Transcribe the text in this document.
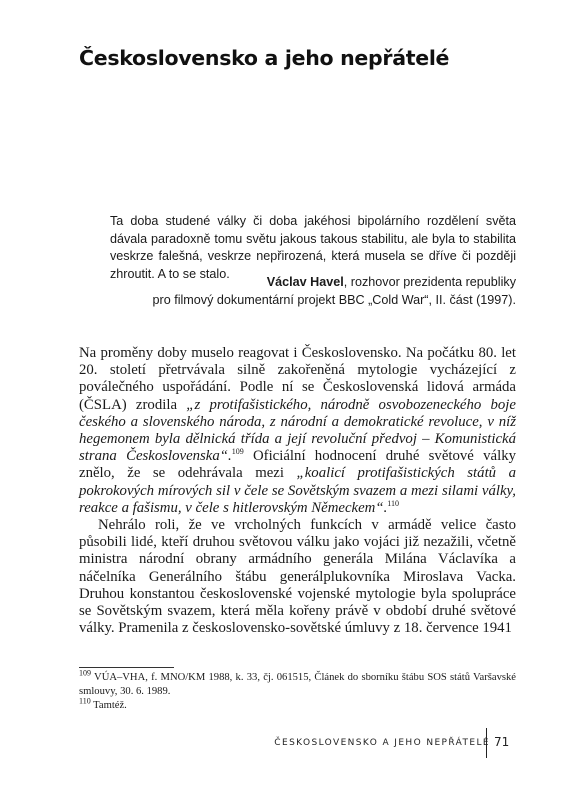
Československo a jeho nepřátelé

Ta doba studené války či doba jakéhosi bipolárního rozdělení světa dávala paradoxně tomu světu jakous takous stabilitu, ale byla to stabilita veskrze falešná, veskrze nepřirozená, která musela se dříve či později zhroutit. A to se stalo.

Václav Havel, rozhovor prezidenta republiky
pro filmový dokumentární projekt BBC „Cold War“, II. část (1997).

Na proměny doby muselo reagovat i Československo. Na počátku 80. let 20. století přetrvávala silně zakořeněná mytologie vycházející z poválečného uspořádání. Podle ní se Československá lidová armáda (ČSLA) zrodila „z protifašistického, národně osvobozeneckého boje českého a slovenského národa, z národní a demokratické revoluce, v níž hegemonem byla dělnická třída a její revoluční předvoj – Komunistická strana Československa“.$^{109}$ Oficiální hodnocení druhé světové války znělo, že se odehrávala mezi „koalicí protifašistických států a pokrokových mírových sil v čele se Sovětským svazem a mezi silami války, reakce a fašismu, v čele s hitlerovským Německem“.$^{110}$

Nehrálo roli, že ve vrcholných funkcích v armádě velice často působili lidé, kteří druhou světovou válku jako vojáci již nezažili, včetně ministra národní obrany armádního generála Milána Václavíka a náčelníka Generálního štábu generálplukovníka Miroslava Vacka. Druhou konstantou československé vojenské mytologie byla spolupráce se Sovětským svazem, která měla kořeny právě v období druhé světové války. Pramenila z československo-sovětské úmluvy z 18. července 1941

$^{109}$ VÚA–VHA, f. MNO/KM 1988, k. 33, čj. 061515, Článek do sborníku štábu SOS států Varšavské smlouvy, 30. 6. 1989.

$^{110}$ Tamtéž.

ČESKOSLOVENSKO A JEHO NEPŘÁTELÉ 71
